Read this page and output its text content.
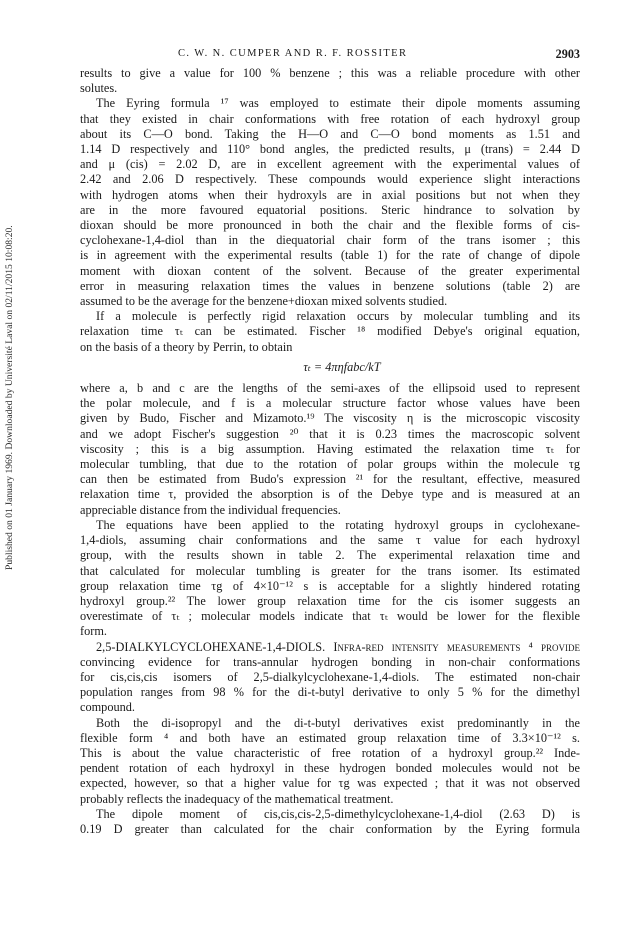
Published on 01 January 1969. Downloaded by Université Laval on 02/11/2015 10:08:20.
C. W. N. CUMPER AND R. F. ROSSITER	2903
results to give a value for 100 % benzene ; this was a reliable procedure with other
solutes.
The Eyring formula ¹⁷ was employed to estimate their dipole moments assuming
that they existed in chair conformations with free rotation of each hydroxyl group
about its C—O bond. Taking the H—O and C—O bond moments as 1.51 and
1.14 D respectively and 110° bond angles, the predicted results, μ (trans) = 2.44 D
and μ (cis) = 2.02 D, are in excellent agreement with the experimental values of
2.42 and 2.06 D respectively. These compounds would experience slight interactions
with hydrogen atoms when their hydroxyls are in axial positions but not when they
are in the more favoured equatorial positions. Steric hindrance to solvation by
dioxan should be more pronounced in both the chair and the flexible forms of cis-
cyclohexane-1,4-diol than in the diequatorial chair form of the trans isomer ; this
is in agreement with the experimental results (table 1) for the rate of change of dipole
moment with dioxan content of the solvent. Because of the greater experimental
error in measuring relaxation times the values in benzene solutions (table 2) are
assumed to be the average for the benzene+dioxan mixed solvents studied.
If a molecule is perfectly rigid relaxation occurs by molecular tumbling and its
relaxation time τₜ can be estimated. Fischer ¹⁸ modified Debye's original equation,
on the basis of a theory by Perrin, to obtain
τₜ = 4πηfabc/kT
where a, b and c are the lengths of the semi-axes of the ellipsoid used to represent
the polar molecule, and f is a molecular structure factor whose values have been
given by Budo, Fischer and Mizamoto.¹⁹ The viscosity η is the microscopic viscosity
and we adopt Fischer's suggestion ²⁰ that it is 0.23 times the macroscopic solvent
viscosity ; this is a big assumption. Having estimated the relaxation time τₜ for
molecular tumbling, that due to the rotation of polar groups within the molecule τg
can then be estimated from Budo's expression ²¹ for the resultant, effective, measured
relaxation time τ, provided the absorption is of the Debye type and is measured at an
appreciable distance from the individual frequencies.
The equations have been applied to the rotating hydroxyl groups in cyclohexane-
1,4-diols, assuming chair conformations and the same τ value for each hydroxyl
group, with the results shown in table 2. The experimental relaxation time and
that calculated for molecular tumbling is greater for the trans isomer. Its estimated
group relaxation time τg of 4×10⁻¹² s is acceptable for a slightly hindered rotating
hydroxyl group.²² The lower group relaxation time for the cis isomer suggests an
overestimate of τₜ ; molecular models indicate that τₜ would be lower for the flexible
form.
2,5-DIALKYLCYCLOHEXANE-1,4-DIOLS. Infra-red intensity measurements ⁴ provide
convincing evidence for trans-annular hydrogen bonding in non-chair conformations
for cis,cis,cis isomers of 2,5-dialkylcyclohexane-1,4-diols. The estimated non-chair
population ranges from 98 % for the di-t-butyl derivative to only 5 % for the dimethyl
compound.
Both the di-isopropyl and the di-t-butyl derivatives exist predominantly in the
flexible form ⁴ and both have an estimated group relaxation time of 3.3×10⁻¹² s.
This is about the value characteristic of free rotation of a hydroxyl group.²² Inde-
pendent rotation of each hydroxyl in these hydrogen bonded molecules would not be
expected, however, so that a higher value for τg was expected ; that it was not observed
probably reflects the inadequacy of the mathematical treatment.
The dipole moment of cis,cis,cis-2,5-dimethylcyclohexane-1,4-diol (2.63 D) is
0.19 D greater than calculated for the chair conformation by the Eyring formula
